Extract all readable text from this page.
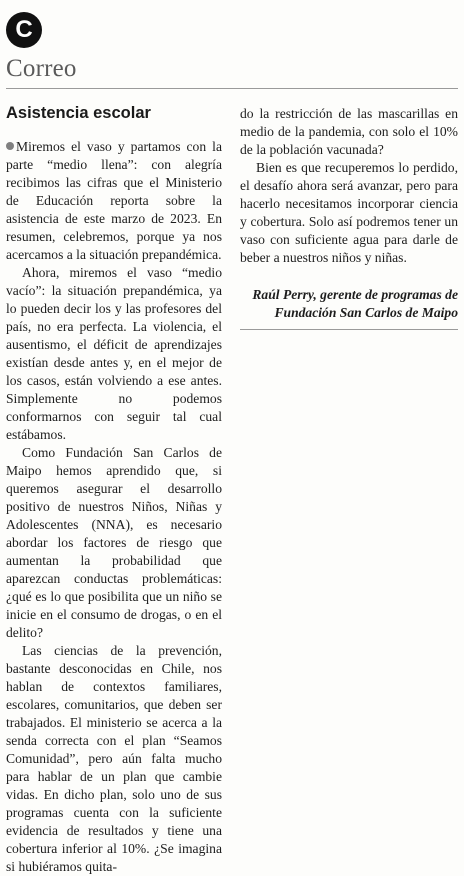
C
Correo
Asistencia escolar

Miremos el vaso y partamos con la parte “medio llena”: con alegría recibimos las cifras que el Ministerio de Educación reporta sobre la asistencia de este marzo de 2023. En resumen, celebremos, porque ya nos acercamos a la situación prepandémica.

Ahora, miremos el vaso “medio vacío”: la situación prepandémica, ya lo pueden decir los y las profesores del país, no era perfecta. La violencia, el ausentismo, el déficit de aprendizajes existían desde antes y, en el mejor de los casos, están volviendo a ese antes. Simplemente no podemos conformarnos con seguir tal cual estábamos.

Como Fundación San Carlos de Maipo hemos aprendido que, si queremos asegurar el desarrollo positivo de nuestros Niños, Niñas y Adolescentes (NNA), es necesario abordar los factores de riesgo que aumentan la probabilidad que aparezcan conductas problemáticas: ¿qué es lo que posibilita que un niño se inicie en el consumo de drogas, o en el delito?

Las ciencias de la prevención, bastante desconocidas en Chile, nos hablan de contextos familiares, escolares, comunitarios, que deben ser trabajados. El ministerio se acerca a la senda correcta con el plan “Seamos Comunidad”, pero aún falta mucho para hablar de un plan que cambie vidas. En dicho plan, solo uno de sus programas cuenta con la suficiente evidencia de resultados y tiene una cobertura inferior al 10%. ¿Se imagina si hubiéramos quita-

do la restricción de las mascarillas en medio de la pandemia, con solo el 10% de la población vacunada?

Bien es que recuperemos lo perdido, el desafío ahora será avanzar, pero para hacerlo necesitamos incorporar ciencia y cobertura. Solo así podremos tener un vaso con suficiente agua para darle de beber a nuestros niños y niñas.

Raúl Perry, gerente de programas de
Fundación San Carlos de Maipo
